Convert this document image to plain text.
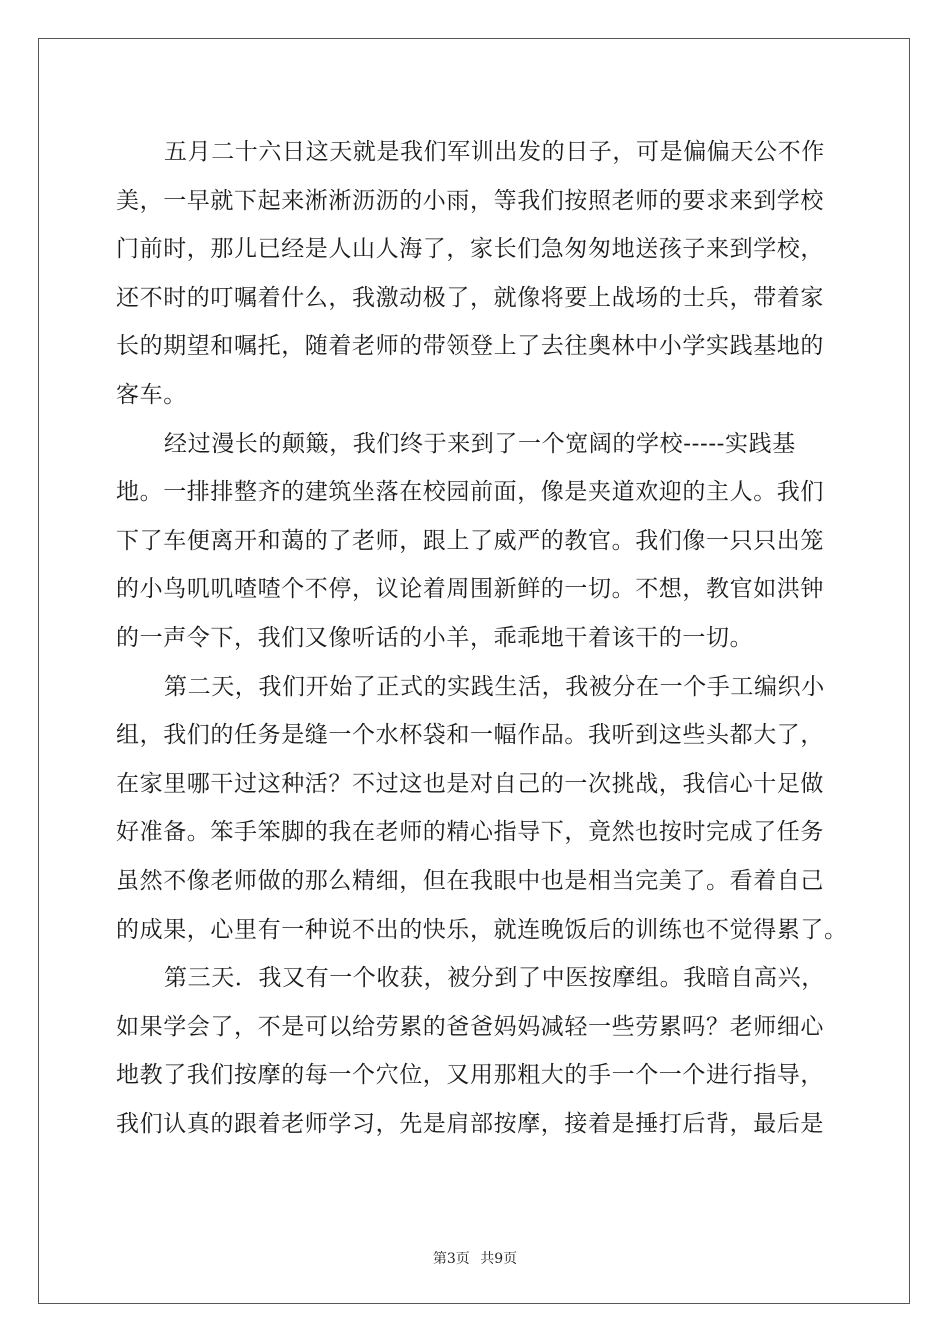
五月二十六日这天就是我们军训出发的日子，可是偏偏天公不作
美，一早就下起来淅淅沥沥的小雨，等我们按照老师的要求来到学校
门前时，那儿已经是人山人海了，家长们急匆匆地送孩子来到学校，
还不时的叮嘱着什么，我激动极了，就像将要上战场的士兵，带着家
长的期望和嘱托，随着老师的带领登上了去往奥林中小学实践基地的
客车。
经过漫长的颠簸，我们终于来到了一个宽阔的学校-----实践基
地。一排排整齐的建筑坐落在校园前面，像是夹道欢迎的主人。我们
下了车便离开和蔼的了老师，跟上了威严的教官。我们像一只只出笼
的小鸟叽叽喳喳个不停，议论着周围新鲜的一切。不想，教官如洪钟
的一声令下，我们又像听话的小羊，乖乖地干着该干的一切。
第二天，我们开始了正式的实践生活，我被分在一个手工编织小
组，我们的任务是缝一个水杯袋和一幅作品。我听到这些头都大了，
在家里哪干过这种活？不过这也是对自己的一次挑战，我信心十足做
好准备。笨手笨脚的我在老师的精心指导下，竟然也按时完成了任务
虽然不像老师做的那么精细，但在我眼中也是相当完美了。看着自己
的成果，心里有一种说不出的快乐，就连晚饭后的训练也不觉得累了。
第三天．我又有一个收获，被分到了中医按摩组。我暗自高兴，
如果学会了，不是可以给劳累的爸爸妈妈减轻一些劳累吗？老师细心
地教了我们按摩的每一个穴位，又用那粗大的手一个一个进行指导，
我们认真的跟着老师学习，先是肩部按摩，接着是捶打后背，最后是
第3页 共9页
